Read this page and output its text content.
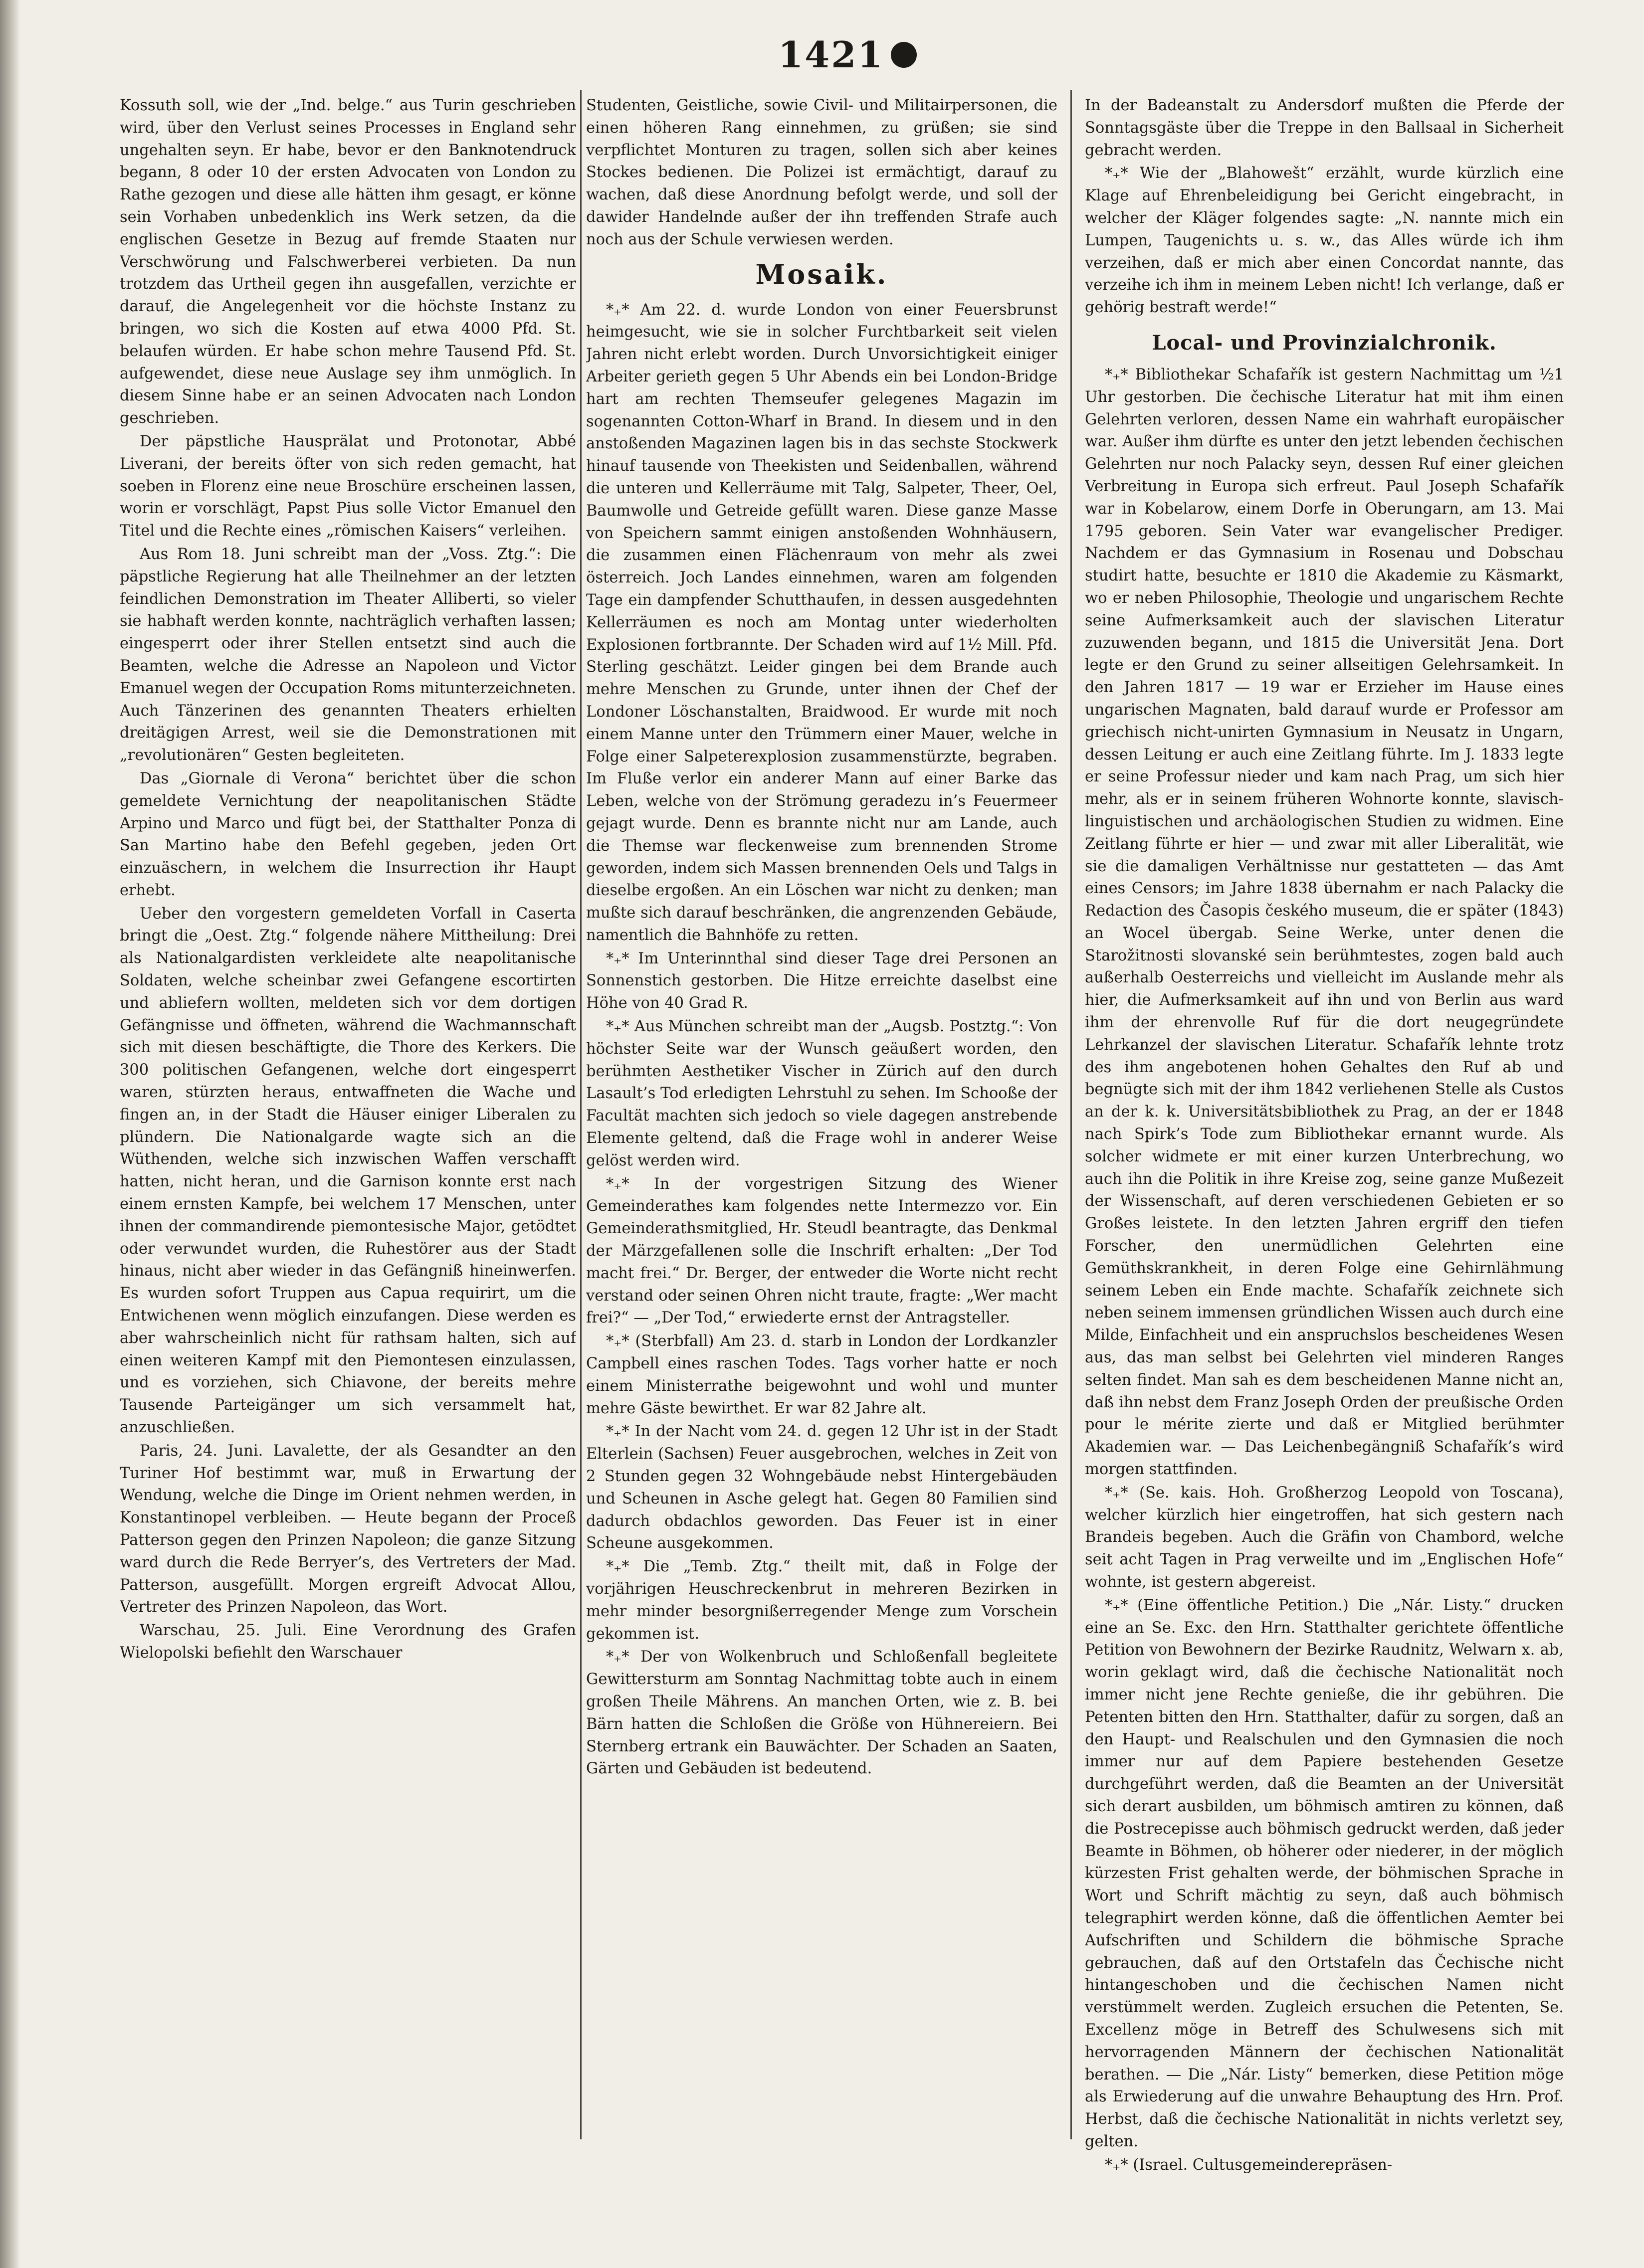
1421

Kossuth soll, wie der „Ind. belge.“ aus Turin geschrieben wird, über den Verlust seines Processes in England sehr ungehalten seyn. Er habe, bevor er den Banknotendruck begann, 8 oder 10 der ersten Advocaten von London zu Rathe gezogen und diese alle hätten ihm gesagt, er könne sein Vorhaben unbedenklich ins Werk setzen, da die englischen Gesetze in Bezug auf fremde Staaten nur Verschwörung und Falschwerberei verbieten. Da nun trotzdem das Urtheil gegen ihn ausgefallen, verzichte er darauf, die Angelegenheit vor die höchste Instanz zu bringen, wo sich die Kosten auf etwa 4000 Pfd. St. belaufen würden. Er habe schon mehre Tausend Pfd. St. aufgewendet, diese neue Auslage sey ihm unmöglich. In diesem Sinne habe er an seinen Advocaten nach London geschrieben.

Der päpstliche Hausprälat und Protonotar, Abbé Liverani, der bereits öfter von sich reden gemacht, hat soeben in Florenz eine neue Broschüre erscheinen lassen, worin er vorschlägt, Papst Pius solle Victor Emanuel den Titel und die Rechte eines „römischen Kaisers“ verleihen.

Aus Rom 18. Juni schreibt man der „Voss. Ztg.“: Die päpstliche Regierung hat alle Theilnehmer an der letzten feindlichen Demonstration im Theater Alliberti, so vieler sie habhaft werden konnte, nachträglich verhaften lassen; eingesperrt oder ihrer Stellen entsetzt sind auch die Beamten, welche die Adresse an Napoleon und Victor Emanuel wegen der Occupation Roms mitunterzeichneten. Auch Tänzerinen des genannten Theaters erhielten dreitägigen Arrest, weil sie die Demonstrationen mit „revolutionären“ Gesten begleiteten.

Das „Giornale di Verona“ berichtet über die schon gemeldete Vernichtung der neapolitanischen Städte Arpino und Marco und fügt bei, der Statthalter Ponza di San Martino habe den Befehl gegeben, jeden Ort einzuäschern, in welchem die Insurrection ihr Haupt erhebt.

Ueber den vorgestern gemeldeten Vorfall in Caserta bringt die „Oest. Ztg.“ folgende nähere Mittheilung: Drei als Nationalgardisten verkleidete alte neapolitanische Soldaten, welche scheinbar zwei Gefangene escortirten und abliefern wollten, meldeten sich vor dem dortigen Gefängnisse und öffneten, während die Wachmannschaft sich mit diesen beschäftigte, die Thore des Kerkers. Die 300 politischen Gefangenen, welche dort eingesperrt waren, stürzten heraus, entwaffneten die Wache und fingen an, in der Stadt die Häuser einiger Liberalen zu plündern. Die Nationalgarde wagte sich an die Wüthenden, welche sich inzwischen Waffen verschafft hatten, nicht heran, und die Garnison konnte erst nach einem ernsten Kampfe, bei welchem 17 Menschen, unter ihnen der commandirende piemontesische Major, getödtet oder verwundet wurden, die Ruhestörer aus der Stadt hinaus, nicht aber wieder in das Gefängniß hineinwerfen. Es wurden sofort Truppen aus Capua requirirt, um die Entwichenen wenn möglich einzufangen. Diese werden es aber wahrscheinlich nicht für rathsam halten, sich auf einen weiteren Kampf mit den Piemontesen einzulassen, und es vorziehen, sich Chiavone, der bereits mehre Tausende Parteigänger um sich versammelt hat, anzuschließen.

Paris, 24. Juni. Lavalette, der als Gesandter an den Turiner Hof bestimmt war, muß in Erwartung der Wendung, welche die Dinge im Orient nehmen werden, in Konstantinopel verbleiben. — Heute begann der Proceß Patterson gegen den Prinzen Napoleon; die ganze Sitzung ward durch die Rede Berryer’s, des Vertreters der Mad. Patterson, ausgefüllt. Morgen ergreift Advocat Allou, Vertreter des Prinzen Napoleon, das Wort.

Warschau, 25. Juli. Eine Verordnung des Grafen Wielopolski befiehlt den Warschauer

Studenten, Geistliche, sowie Civil- und Militairpersonen, die einen höheren Rang einnehmen, zu grüßen; sie sind verpflichtet Monturen zu tragen, sollen sich aber keines Stockes bedienen. Die Polizei ist ermächtigt, darauf zu wachen, daß diese Anordnung befolgt werde, und soll der dawider Handelnde außer der ihn treffenden Strafe auch noch aus der Schule verwiesen werden.

Mosaik.

*₊* Am 22. d. wurde London von einer Feuersbrunst heimgesucht, wie sie in solcher Furchtbarkeit seit vielen Jahren nicht erlebt worden. Durch Unvorsichtigkeit einiger Arbeiter gerieth gegen 5 Uhr Abends ein bei London-Bridge hart am rechten Themseufer gelegenes Magazin im sogenannten Cotton-Wharf in Brand. In diesem und in den anstoßenden Magazinen lagen bis in das sechste Stockwerk hinauf tausende von Theekisten und Seidenballen, während die unteren und Kellerräume mit Talg, Salpeter, Theer, Oel, Baumwolle und Getreide gefüllt waren. Diese ganze Masse von Speichern sammt einigen anstoßenden Wohnhäusern, die zusammen einen Flächenraum von mehr als zwei österreich. Joch Landes einnehmen, waren am folgenden Tage ein dampfender Schutthaufen, in dessen ausgedehnten Kellerräumen es noch am Montag unter wiederholten Explosionen fortbrannte. Der Schaden wird auf 1½ Mill. Pfd. Sterling geschätzt. Leider gingen bei dem Brande auch mehre Menschen zu Grunde, unter ihnen der Chef der Londoner Löschanstalten, Braidwood. Er wurde mit noch einem Manne unter den Trümmern einer Mauer, welche in Folge einer Salpeterexplosion zusammenstürzte, begraben. Im Fluße verlor ein anderer Mann auf einer Barke das Leben, welche von der Strömung geradezu in’s Feuermeer gejagt wurde. Denn es brannte nicht nur am Lande, auch die Themse war fleckenweise zum brennenden Strome geworden, indem sich Massen brennenden Oels und Talgs in dieselbe ergoßen. An ein Löschen war nicht zu denken; man mußte sich darauf beschränken, die angrenzenden Gebäude, namentlich die Bahnhöfe zu retten.

*₊* Im Unterinnthal sind dieser Tage drei Personen an Sonnenstich gestorben. Die Hitze erreichte daselbst eine Höhe von 40 Grad R.

*₊* Aus München schreibt man der „Augsb. Postztg.“: Von höchster Seite war der Wunsch geäußert worden, den berühmten Aesthetiker Vischer in Zürich auf den durch Lasault’s Tod erledigten Lehrstuhl zu sehen. Im Schooße der Facultät machten sich jedoch so viele dagegen anstrebende Elemente geltend, daß die Frage wohl in anderer Weise gelöst werden wird.

*₊* In der vorgestrigen Sitzung des Wiener Gemeinderathes kam folgendes nette Intermezzo vor. Ein Gemeinderathsmitglied, Hr. Steudl beantragte, das Denkmal der Märzgefallenen solle die Inschrift erhalten: „Der Tod macht frei.“ Dr. Berger, der entweder die Worte nicht recht verstand oder seinen Ohren nicht traute, fragte: „Wer macht frei?“ — „Der Tod,“ erwiederte ernst der Antragsteller.

*₊* (Sterbfall) Am 23. d. starb in London der Lordkanzler Campbell eines raschen Todes. Tags vorher hatte er noch einem Ministerrathe beigewohnt und wohl und munter mehre Gäste bewirthet. Er war 82 Jahre alt.

*₊* In der Nacht vom 24. d. gegen 12 Uhr ist in der Stadt Elterlein (Sachsen) Feuer ausgebrochen, welches in Zeit von 2 Stunden gegen 32 Wohngebäude nebst Hintergebäuden und Scheunen in Asche gelegt hat. Gegen 80 Familien sind dadurch obdachlos geworden. Das Feuer ist in einer Scheune ausgekommen.

*₊* Die „Temb. Ztg.“ theilt mit, daß in Folge der vorjährigen Heuschreckenbrut in mehreren Bezirken in mehr minder besorgnißerregender Menge zum Vorschein gekommen ist.

*₊* Der von Wolkenbruch und Schloßenfall begleitete Gewittersturm am Sonntag Nachmittag tobte auch in einem großen Theile Mährens. An manchen Orten, wie z. B. bei Bärn hatten die Schloßen die Größe von Hühnereiern. Bei Sternberg ertrank ein Bauwächter. Der Schaden an Saaten, Gärten und Gebäuden ist bedeutend.

In der Badeanstalt zu Andersdorf mußten die Pferde der Sonntagsgäste über die Treppe in den Ballsaal in Sicherheit gebracht werden.

*₊* Wie der „Blahowešt“ erzählt, wurde kürzlich eine Klage auf Ehrenbeleidigung bei Gericht eingebracht, in welcher der Kläger folgendes sagte: „N. nannte mich ein Lumpen, Taugenichts u. s. w., das Alles würde ich ihm verzeihen, daß er mich aber einen Concordat nannte, das verzeihe ich ihm in meinem Leben nicht! Ich verlange, daß er gehörig bestraft werde!“

Local- und Provinzialchronik.

*₊* Bibliothekar Schafařík ist gestern Nachmittag um ½1 Uhr gestorben. Die čechische Literatur hat mit ihm einen Gelehrten verloren, dessen Name ein wahrhaft europäischer war. Außer ihm dürfte es unter den jetzt lebenden čechischen Gelehrten nur noch Palacky seyn, dessen Ruf einer gleichen Verbreitung in Europa sich erfreut. Paul Joseph Schafařík war in Kobelarow, einem Dorfe in Oberungarn, am 13. Mai 1795 geboren. Sein Vater war evangelischer Prediger. Nachdem er das Gymnasium in Rosenau und Dobschau studirt hatte, besuchte er 1810 die Akademie zu Käsmarkt, wo er neben Philosophie, Theologie und ungarischem Rechte seine Aufmerksamkeit auch der slavischen Literatur zuzuwenden begann, und 1815 die Universität Jena. Dort legte er den Grund zu seiner allseitigen Gelehrsamkeit. In den Jahren 1817 — 19 war er Erzieher im Hause eines ungarischen Magnaten, bald darauf wurde er Professor am griechisch nicht-unirten Gymnasium in Neusatz in Ungarn, dessen Leitung er auch eine Zeitlang führte. Im J. 1833 legte er seine Professur nieder und kam nach Prag, um sich hier mehr, als er in seinem früheren Wohnorte konnte, slavisch-linguistischen und archäologischen Studien zu widmen. Eine Zeitlang führte er hier — und zwar mit aller Liberalität, wie sie die damaligen Verhältnisse nur gestatteten — das Amt eines Censors; im Jahre 1838 übernahm er nach Palacky die Redaction des Časopis českého museum, die er später (1843) an Wocel übergab. Seine Werke, unter denen die Starožitnosti slovanské sein berühmtestes, zogen bald auch außerhalb Oesterreichs und vielleicht im Auslande mehr als hier, die Aufmerksamkeit auf ihn und von Berlin aus ward ihm der ehrenvolle Ruf für die dort neugegründete Lehrkanzel der slavischen Literatur. Schafařík lehnte trotz des ihm angebotenen hohen Gehaltes den Ruf ab und begnügte sich mit der ihm 1842 verliehenen Stelle als Custos an der k. k. Universitätsbibliothek zu Prag, an der er 1848 nach Spirk’s Tode zum Bibliothekar ernannt wurde. Als solcher widmete er mit einer kurzen Unterbrechung, wo auch ihn die Politik in ihre Kreise zog, seine ganze Mußezeit der Wissenschaft, auf deren verschiedenen Gebieten er so Großes leistete. In den letzten Jahren ergriff den tiefen Forscher, den unermüdlichen Gelehrten eine Gemüthskrankheit, in deren Folge eine Gehirnlähmung seinem Leben ein Ende machte. Schafařík zeichnete sich neben seinem immensen gründlichen Wissen auch durch eine Milde, Einfachheit und ein anspruchslos bescheidenes Wesen aus, das man selbst bei Gelehrten viel minderen Ranges selten findet. Man sah es dem bescheidenen Manne nicht an, daß ihn nebst dem Franz Joseph Orden der preußische Orden pour le mérite zierte und daß er Mitglied berühmter Akademien war. — Das Leichenbegängniß Schafařík’s wird morgen stattfinden.

*₊* (Se. kais. Hoh. Großherzog Leopold von Toscana), welcher kürzlich hier eingetroffen, hat sich gestern nach Brandeis begeben. Auch die Gräfin von Chambord, welche seit acht Tagen in Prag verweilte und im „Englischen Hofe“ wohnte, ist gestern abgereist.

*₊* (Eine öffentliche Petition.) Die „Nár. Listy.“ drucken eine an Se. Exc. den Hrn. Statthalter gerichtete öffentliche Petition von Bewohnern der Bezirke Raudnitz, Welwarn x. ab, worin geklagt wird, daß die čechische Nationalität noch immer nicht jene Rechte genieße, die ihr gebühren. Die Petenten bitten den Hrn. Statthalter, dafür zu sorgen, daß an den Haupt- und Realschulen und den Gymnasien die noch immer nur auf dem Papiere bestehenden Gesetze durchgeführt werden, daß die Beamten an der Universität sich derart ausbilden, um böhmisch amtiren zu können, daß die Postrecepisse auch böhmisch gedruckt werden, daß jeder Beamte in Böhmen, ob höherer oder niederer, in der möglich kürzesten Frist gehalten werde, der böhmischen Sprache in Wort und Schrift mächtig zu seyn, daß auch böhmisch telegraphirt werden könne, daß die öffentlichen Aemter bei Aufschriften und Schildern die böhmische Sprache gebrauchen, daß auf den Ortstafeln das Čechische nicht hintangeschoben und die čechischen Namen nicht verstümmelt werden. Zugleich ersuchen die Petenten, Se. Excellenz möge in Betreff des Schulwesens sich mit hervorragenden Männern der čechischen Nationalität berathen. — Die „Nár. Listy“ bemerken, diese Petition möge als Erwiederung auf die unwahre Behauptung des Hrn. Prof. Herbst, daß die čechische Nationalität in nichts verletzt sey, gelten.

*₊* (Israel. Cultusgemeinderepräsen-
